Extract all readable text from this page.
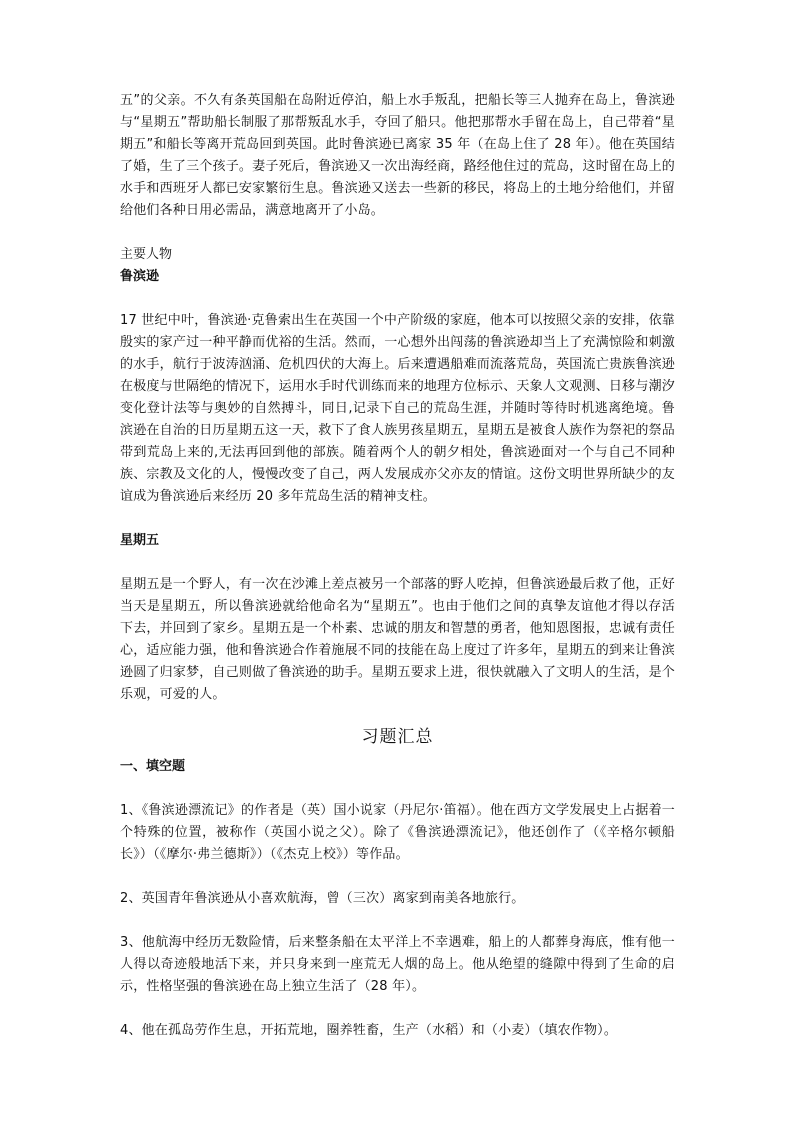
五”的父亲。不久有条英国船在岛附近停泊，船上水手叛乱，把船长等三人抛弃在岛上，鲁滨逊与“星期五”帮助船长制服了那帮叛乱水手，夺回了船只。他把那帮水手留在岛上，自己带着“星期五”和船长等离开荒岛回到英国。此时鲁滨逊已离家 35 年（在岛上住了 28 年）。他在英国结了婚，生了三个孩子。妻子死后，鲁滨逊又一次出海经商，路经他住过的荒岛，这时留在岛上的水手和西班牙人都已安家繁衍生息。鲁滨逊又送去一些新的移民，将岛上的土地分给他们，并留给他们各种日用必需品，满意地离开了小岛。

主要人物

鲁滨逊

17 世纪中叶，鲁滨逊·克鲁索出生在英国一个中产阶级的家庭，他本可以按照父亲的安排，依靠殷实的家产过一种平静而优裕的生活。然而，一心想外出闯荡的鲁滨逊却当上了充满惊险和刺激的水手，航行于波涛汹涌、危机四伏的大海上。后来遭遇船难而流落荒岛，英国流亡贵族鲁滨逊在极度与世隔绝的情况下，运用水手时代训练而来的地理方位标示、天象人文观测、日移与潮汐变化登计法等与奥妙的自然搏斗，同日,记录下自己的荒岛生涯，并随时等待时机逃离绝境。鲁滨逊在自治的日历星期五这一天，救下了食人族男孩星期五，星期五是被食人族作为祭祀的祭品带到荒岛上来的,无法再回到他的部族。随着两个人的朝夕相处，鲁滨逊面对一个与自己不同种族、宗教及文化的人，慢慢改变了自己，两人发展成亦父亦友的情谊。这份文明世界所缺少的友谊成为鲁滨逊后来经历 20 多年荒岛生活的精神支柱。

星期五

星期五是一个野人，有一次在沙滩上差点被另一个部落的野人吃掉，但鲁滨逊最后救了他，正好当天是星期五，所以鲁滨逊就给他命名为“星期五”。也由于他们之间的真挚友谊他才得以存活下去，并回到了家乡。星期五是一个朴素、忠诚的朋友和智慧的勇者，他知恩图报，忠诚有责任心，适应能力强，他和鲁滨逊合作着施展不同的技能在岛上度过了许多年，星期五的到来让鲁滨逊圆了归家梦，自己则做了鲁滨逊的助手。星期五要求上进，很快就融入了文明人的生活，是个乐观，可爱的人。

习题汇总

一、填空题

1、《鲁滨逊漂流记》的作者是（英）国小说家（丹尼尔·笛福）。他在西方文学发展史上占据着一个特殊的位置，被称作（英国小说之父）。除了《鲁滨逊漂流记》，他还创作了（《辛格尔顿船长》）（《摩尔·弗兰德斯》）（《杰克上校》）等作品。

2、英国青年鲁滨逊从小喜欢航海，曾（三次）离家到南美各地旅行。

3、他航海中经历无数险情，后来整条船在太平洋上不幸遇难，船上的人都葬身海底，惟有他一人得以奇迹般地活下来，并只身来到一座荒无人烟的岛上。他从绝望的缝隙中得到了生命的启示，性格坚强的鲁滨逊在岛上独立生活了（28 年）。

4、他在孤岛劳作生息，开拓荒地，圈养牲畜，生产（水稻）和（小麦）（填农作物）。
